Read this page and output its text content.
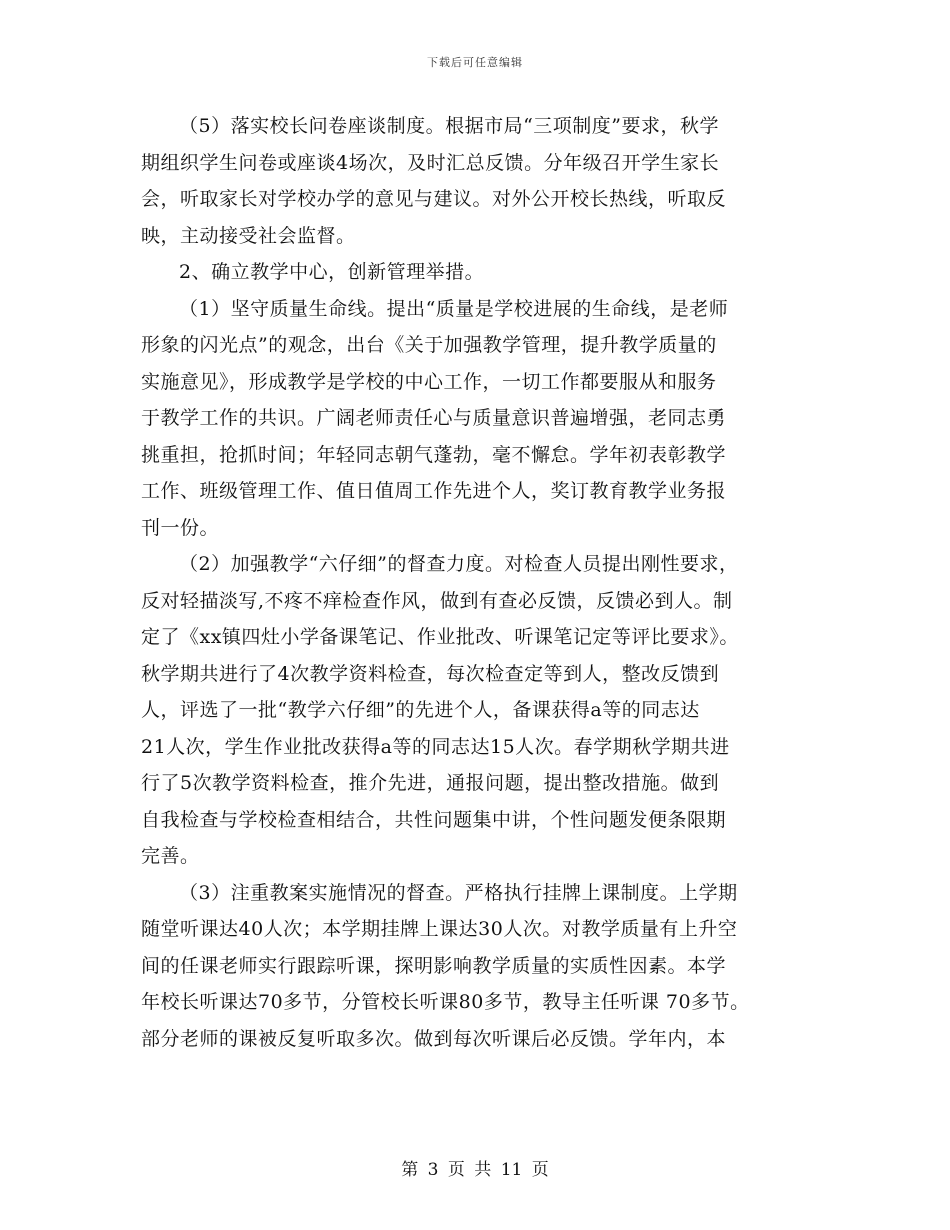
下载后可任意编辑
（5）落实校长问卷座谈制度。根据市局“三项制度”要求，秋学
期组织学生问卷或座谈4场次，及时汇总反馈。分年级召开学生家长
会，听取家长对学校办学的意见与建议。对外公开校长热线，听取反
映，主动接受社会监督。
2、确立教学中心，创新管理举措。
（1）坚守质量生命线。提出“质量是学校进展的生命线，是老师
形象的闪光点”的观念，出台《关于加强教学管理，提升教学质量的
实施意见》，形成教学是学校的中心工作，一切工作都要服从和服务
于教学工作的共识。广阔老师责任心与质量意识普遍增强，老同志勇
挑重担，抢抓时间；年轻同志朝气蓬勃，毫不懈怠。学年初表彰教学
工作、班级管理工作、值日值周工作先进个人，奖订教育教学业务报
刊一份。
（2）加强教学“六仔细”的督查力度。对检查人员提出刚性要求，
反对轻描淡写,不疼不痒检查作风，做到有查必反馈，反馈必到人。制
定了《xx镇四灶小学备课笔记、作业批改、听课笔记定等评比要求》。
秋学期共进行了4次教学资料检查，每次检查定等到人，整改反馈到
人，评选了一批“教学六仔细”的先进个人，备课获得a等的同志达
21人次，学生作业批改获得a等的同志达15人次。春学期秋学期共进
行了5次教学资料检查，推介先进，通报问题，提出整改措施。做到
自我检查与学校检查相结合，共性问题集中讲，个性问题发便条限期
完善。
（3）注重教案实施情况的督查。严格执行挂牌上课制度。上学期
随堂听课达40人次；本学期挂牌上课达30人次。对教学质量有上升空
间的任课老师实行跟踪听课，探明影响教学质量的实质性因素。本学
年校长听课达70多节，分管校长听课80多节，教导主任听课 70多节。
部分老师的课被反复听取多次。做到每次听课后必反馈。学年内，本
第 3 页 共 11 页
